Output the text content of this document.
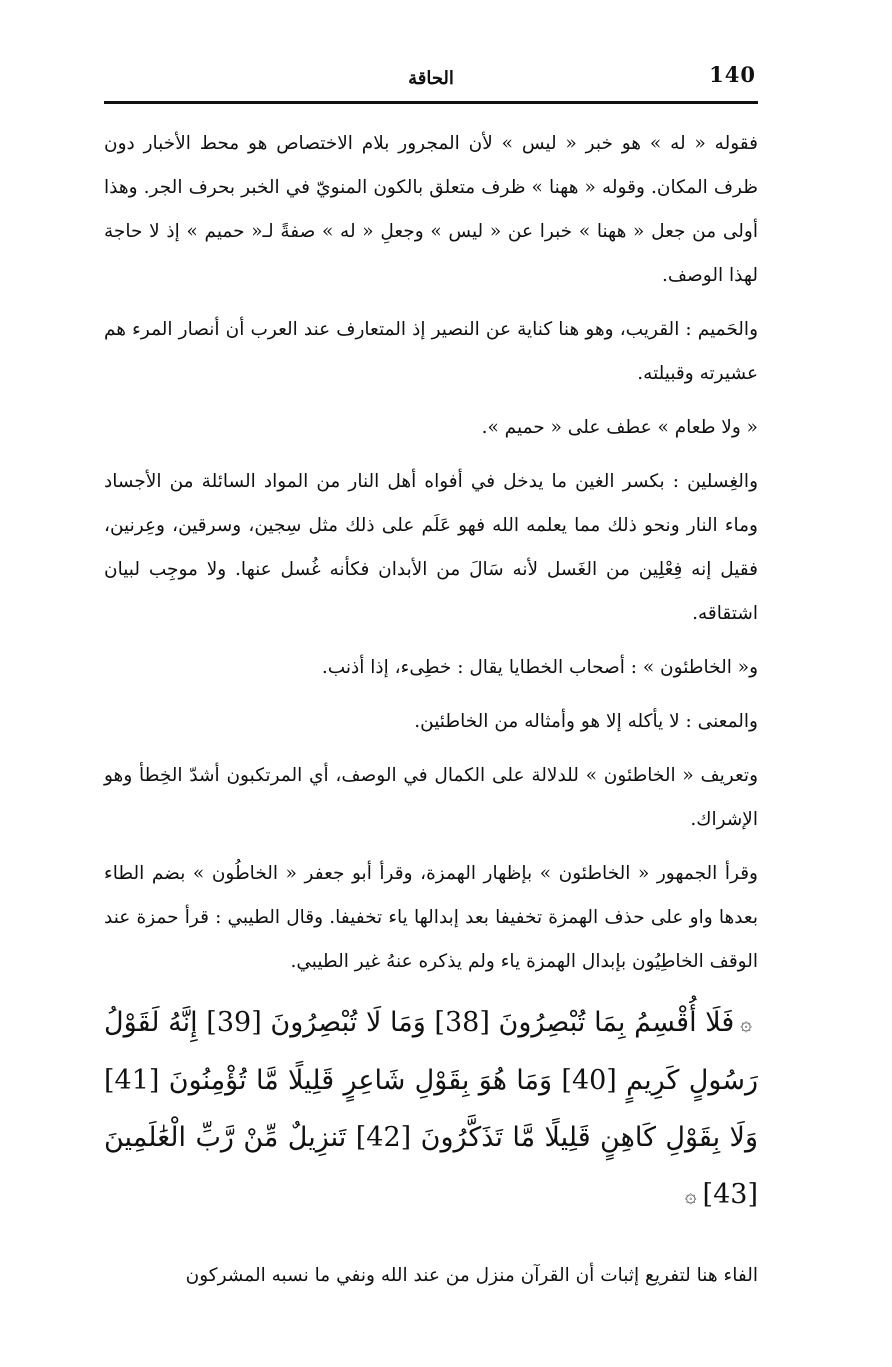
140
الحاقة

فقوله « له » هو خبر « ليس » لأن المجرور بلام الاختصاص هو محط الأخبار دون ظرف المكان. وقوله « ههنا » ظرف متعلق بالكون المنويّ في الخبر بحرف الجر. وهذا أولى من جعل « ههنا » خبرا عن « ليس » وجعلِ « له » صفةً لـ« حميم » إذ لا حاجة لهذا الوصف.

والحَميم : القريب، وهو هنا كناية عن النصير إذ المتعارف عند العرب أن أنصار المرء هم عشيرته وقبيلته.

« ولا طعام » عطف على « حميم ».

والغِسلين : بكسر الغين ما يدخل في أفواه أهل النار من المواد السائلة من الأجساد وماء النار ونحو ذلك مما يعلمه الله فهو عَلَم على ذلك مثل سِجين، وسرقين، وعِرنين، فقيل إنه فِعْلِين من الغَسل لأنه سَالَ من الأبدان فكأنه غُسل عنها. ولا موجِب لبيان اشتقاقه.

و« الخاطئون » : أصحاب الخطايا يقال : خطِىء، إذا أذنب.

والمعنى : لا يأكله إلا هو وأمثاله من الخاطئين.

وتعريف « الخاطئون » للدلالة على الكمال في الوصف، أي المرتكبون أشدّ الخِطأ وهو الإشراك.

وقرأ الجمهور « الخاطئون » بإظهار الهمزة، وقرأ أبو جعفر « الخاطُون » بضم الطاء بعدها واو على حذف الهمزة تخفيفا بعد إبدالها ياء تخفيفا. وقال الطيبي : قرأ حمزة عند الوقف الخاطِيُون بإبدال الهمزة ياء ولم يذكره عنهُ غير الطيبي.

۞فَلَا أُقْسِمُ بِمَا تُبْصِرُونَ [38] وَمَا لَا تُبْصِرُونَ [39] إِنَّهُ لَقَوْلُ رَسُولٍ كَرِيمٍ [40] وَمَا هُوَ بِقَوْلِ شَاعِرٍ قَلِيلًا مَّا تُؤْمِنُونَ [41] وَلَا بِقَوْلِ كَاهِنٍ قَلِيلًا مَّا تَذَكَّرُونَ [42] تَنزِيلٌ مِّنْ رَّبِّ الْعَٰلَمِينَ [43]۞

الفاء هنا لتفريع إثبات أن القرآن منزل من عند الله ونفي ما نسبه المشركون
